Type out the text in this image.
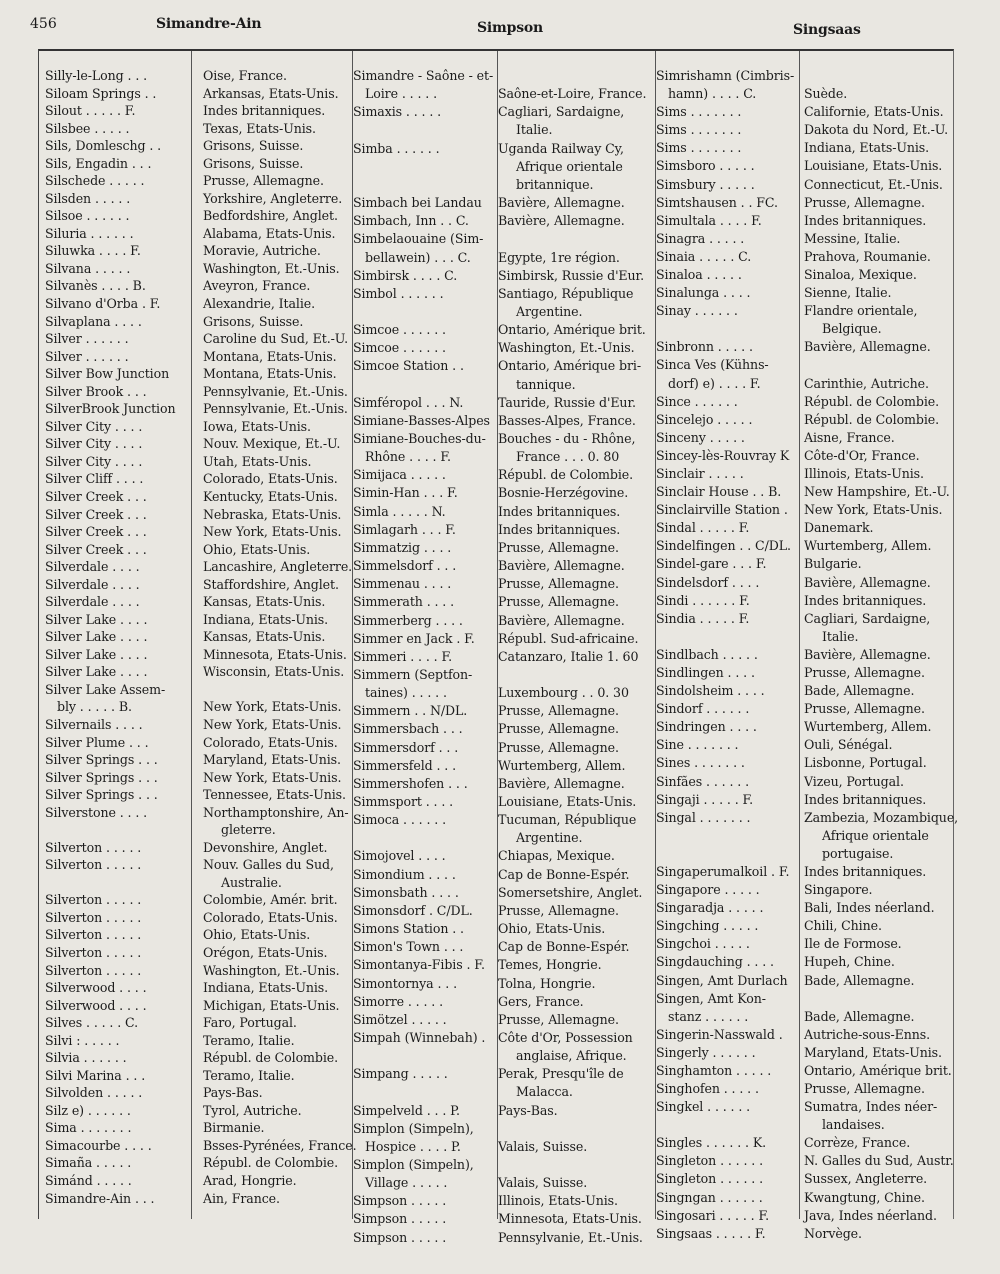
456	Simandre-Ain	Simpson	Singsaas
Silly-le-Long . . .	Oise, France.
Siloam Springs . .	Arkansas, Etats-Unis.
Silout . . . . . F.	Indes britanniques.
Silsbee . . . . .	Texas, Etats-Unis.
Sils, Domleschg . .	Grisons, Suisse.
Sils, Engadin . . .	Grisons, Suisse.
Silschede . . . . .	Prusse, Allemagne.
Silsden . . . . .	Yorkshire, Angleterre.
Silsoe . . . . . .	Bedfordshire, Anglet.
Siluria . . . . . .	Alabama, Etats-Unis.
Siluwka . . . . F.	Moravie, Autriche.
Silvana . . . . .	Washington, Et.-Unis.
Silvanès . . . . B.	Aveyron, France.
Silvano d'Orba . F.	Alexandrie, Italie.
Silvaplana . . . .	Grisons, Suisse.
Silver . . . . . .	Caroline du Sud, Et.-U.
Silver . . . . . .	Montana, Etats-Unis.
Silver Bow Junction	Montana, Etats-Unis.
Silver Brook . . .	Pennsylvanie, Et.-Unis.
SilverBrook Junction Pennsylvanie, Et.-Unis.
Silver City . . . .	Iowa, Etats-Unis.
Silver City . . . .	Nouv. Mexique, Et.-U.
Silver City . . . .	Utah, Etats-Unis.
Silver Cliff . . . .	Colorado, Etats-Unis.
Silver Creek . . .	Kentucky, Etats-Unis.
Silver Creek . . .	Nebraska, Etats-Unis.
Silver Creek . . .	New York, Etats-Unis.
Silver Creek . . .	Ohio, Etats-Unis.
Silverdale . . . .	Lancashire, Angleterre.
Silverdale . . . .	Staffordshire, Anglet.
Silverdale . . . .	Kansas, Etats-Unis.
Silver Lake . . . .	Indiana, Etats-Unis.
Silver Lake . . . .	Kansas, Etats-Unis.
Silver Lake . . . .	Minnesota, Etats-Unis.
Silver Lake . . . .	Wisconsin, Etats-Unis.
Silver Lake Assem-
bly . . . . . B.	New York, Etats-Unis.
Silvernails . . . .	New York, Etats-Unis.
Silver Plume . . .	Colorado, Etats-Unis.
Silver Springs . . .	Maryland, Etats-Unis.
Silver Springs . . .	New York, Etats-Unis.
Silver Springs . . .	Tennessee, Etats-Unis.
Silverstone . . . .	Northamptonshire, An-
gleterre.
Silverton . . . . .	Devonshire, Anglet.
Silverton . . . . .	Nouv. Galles du Sud,
Australie.
Silverton . . . . .	Colombie, Amér. brit.
Silverton . . . . .	Colorado, Etats-Unis.
Silverton . . . . .	Ohio, Etats-Unis.
Silverton . . . . .	Orégon, Etats-Unis.
Silverton . . . . .	Washington, Et.-Unis.
Silverwood . . . .	Indiana, Etats-Unis.
Silverwood . . . .	Michigan, Etats-Unis.
Silves . . . . . C.	Faro, Portugal.
Silvi : . . . . .	Teramo, Italie.
Silvia . . . . . .	Républ. de Colombie.
Silvi Marina . . .	Teramo, Italie.
Silvolden . . . . .	Pays-Bas.
Silz e) . . . . . .	Tyrol, Autriche.
Sima . . . . . . .	Birmanie.
Simacourbe . . . .	Bsses-Pyrénées, France.
Simaña . . . . .	Républ. de Colombie.
Simánd . . . . .	Arad, Hongrie.
Simandre-Ain . . .	Ain, France.
Simandre - Saône - et-
Loire . . . . .	Saône-et-Loire, France.
Simaxis . . . . .	Cagliari, Sardaigne,
Italie.
Simba . . . . . .	Uganda Railway Cy,
Afrique orientale
britannique.
Simbach bei Landau Bavière, Allemagne.
Simbach, Inn . . C. Bavière, Allemagne.
Simbelaouaine (Sim-
bellawein) . . . C. Egypte, 1re région.
Simbirsk . . . . C.	Simbirsk, Russie d'Eur.
Simbol . . . . . .	Santiago, République
Argentine.
Simcoe . . . . . .	Ontario, Amérique brit.
Simcoe . . . . . .	Washington, Et.-Unis.
Simcoe Station . .	Ontario, Amérique bri-
tannique.
Simféropol . . . N.	Tauride, Russie d'Eur.
Simiane-Basses-Alpes Basses-Alpes, France.
Simiane-Bouches-du- Bouches - du - Rhône,
Rhône . . . . F.	France . . . 0. 80
Simijaca . . . . .	Républ. de Colombie.
Simin-Han . . . F.	Bosnie-Herzégovine.
Simla . . . . . N.	Indes britanniques.
Simlagarh . . . F.	Indes britanniques.
Simmatzig . . . .	Prusse, Allemagne.
Simmelsdorf . . .	Bavière, Allemagne.
Simmenau . . . .	Prusse, Allemagne.
Simmerath . . . .	Prusse, Allemagne.
Simmerberg . . . .	Bavière, Allemagne.
Simmer en Jack . F. Républ. Sud-africaine.
Simmeri . . . . F.	Catanzaro, Italie 1. 60
Simmern (Septfon-
taines) . . . . .	Luxembourg . . 0. 30
Simmern . . N/DL. Prusse, Allemagne.
Simmersbach . . .	Prusse, Allemagne.
Simmersdorf . . .	Prusse, Allemagne.
Simmersfeld . . .	Wurtemberg, Allem.
Simmershofen . . . Bavière, Allemagne.
Simmsport . . . .	Louisiane, Etats-Unis.
Simoca . . . . . .	Tucuman, République
Argentine.
Simojovel . . . .	Chiapas, Mexique.
Simondium . . . .	Cap de Bonne-Espér.
Simonsbath . . . .	Somersetshire, Anglet.
Simonsdorf . C/DL. Prusse, Allemagne.
Simons Station . .	Ohio, Etats-Unis.
Simon's Town . . .	Cap de Bonne-Espér.
Simontanya-Fibis . F. Temes, Hongrie.
Simontornya . . .	Tolna, Hongrie.
Simorre . . . . .	Gers, France.
Simötzel . . . . .	Prusse, Allemagne.
Simpah (Winnebah) . Côte d'Or, Possession
anglaise, Afrique.
Simpang . . . . .	Perak, Presqu'île de
Malacca.
Simpelveld . . . P.	Pays-Bas.
Simplon (Simpeln),
Hospice . . . . P.	Valais, Suisse.
Simplon (Simpeln),
Village . . . . .	Valais, Suisse.
Simpson . . . . .	Illinois, Etats-Unis.
Simpson . . . . .	Minnesota, Etats-Unis.
Simpson . . . . .	Pennsylvanie, Et.-Unis.
Simrishamn (Cimbris-
hamn) . . . . C.	Suède.
Sims . . . . . . .	Californie, Etats-Unis.
Sims . . . . . . .	Dakota du Nord, Et.-U.
Sims . . . . . . .	Indiana, Etats-Unis.
Simsboro . . . . .	Louisiane, Etats-Unis.
Simsbury . . . . .	Connecticut, Et.-Unis.
Simtshausen . . FC. Prusse, Allemagne.
Simultala . . . . F.	Indes britanniques.
Sinagra . . . . .	Messine, Italie.
Sinaia . . . . . C.	Prahova, Roumanie.
Sinaloa . . . . .	Sinaloa, Mexique.
Sinalunga . . . .	Sienne, Italie.
Sinay . . . . . .	Flandre orientale,
Belgique.
Sinbronn . . . . .	Bavière, Allemagne.
Sinca Ves (Kühns-
dorf) e) . . . . F.	Carinthie, Autriche.
Since . . . . . .	Républ. de Colombie.
Sincelejo . . . . .	Républ. de Colombie.
Sinceny . . . . .	Aisne, France.
Sincey-lès-Rouvray K Côte-d'Or, France.
Sinclair . . . . .	Illinois, Etats-Unis.
Sinclair House . . B. New Hampshire, Et.-U.
Sinclairville Station . New York, Etats-Unis.
Sindal . . . . . F.	Danemark.
Sindelfingen . . C/DL. Wurtemberg, Allem.
Sindel-gare . . . F.	Bulgarie.
Sindelsdorf . . . .	Bavière, Allemagne.
Sindi . . . . . . F.	Indes britanniques.
Sindia . . . . . F.	Cagliari, Sardaigne,
Italie.
Sindlbach . . . . .	Bavière, Allemagne.
Sindlingen . . . .	Prusse, Allemagne.
Sindolsheim . . . .	Bade, Allemagne.
Sindorf . . . . . .	Prusse, Allemagne.
Sindringen . . . .	Wurtemberg, Allem.
Sine . . . . . . .	Ouli, Sénégal.
Sines . . . . . . .	Lisbonne, Portugal.
Sinfães . . . . . .	Vizeu, Portugal.
Singaji . . . . . F.	Indes britanniques.
Singal . . . . . . .	Zambezia, Mozambique,
Afrique orientale
portugaise.
Singaperumalkoil . F. Indes britanniques.
Singapore . . . . .	Singapore.
Singaradja . . . . .	Bali, Indes néerland.
Singching . . . . .	Chili, Chine.
Singchoi . . . . .	Ile de Formose.
Singdauching . . . . Hupeh, Chine.
Singen, Amt Durlach Bade, Allemagne.
Singen, Amt Kon-
stanz . . . . . .	Bade, Allemagne.
Singerin-Nasswald . Autriche-sous-Enns.
Singerly . . . . . .	Maryland, Etats-Unis.
Singhamton . . . . .	Ontario, Amérique brit.
Singhofen . . . . .	Prusse, Allemagne.
Singkel . . . . . .	Sumatra, Indes néer-
landaises.
Singles . . . . . . K.	Corrèze, France.
Singleton . . . . . .	N. Galles du Sud, Austr.
Singleton . . . . . .	Sussex, Angleterre.
Singngan . . . . . .	Kwangtung, Chine.
Singosari . . . . . F.	Java, Indes néerland.
Singsaas . . . . . F.	Norvège.
